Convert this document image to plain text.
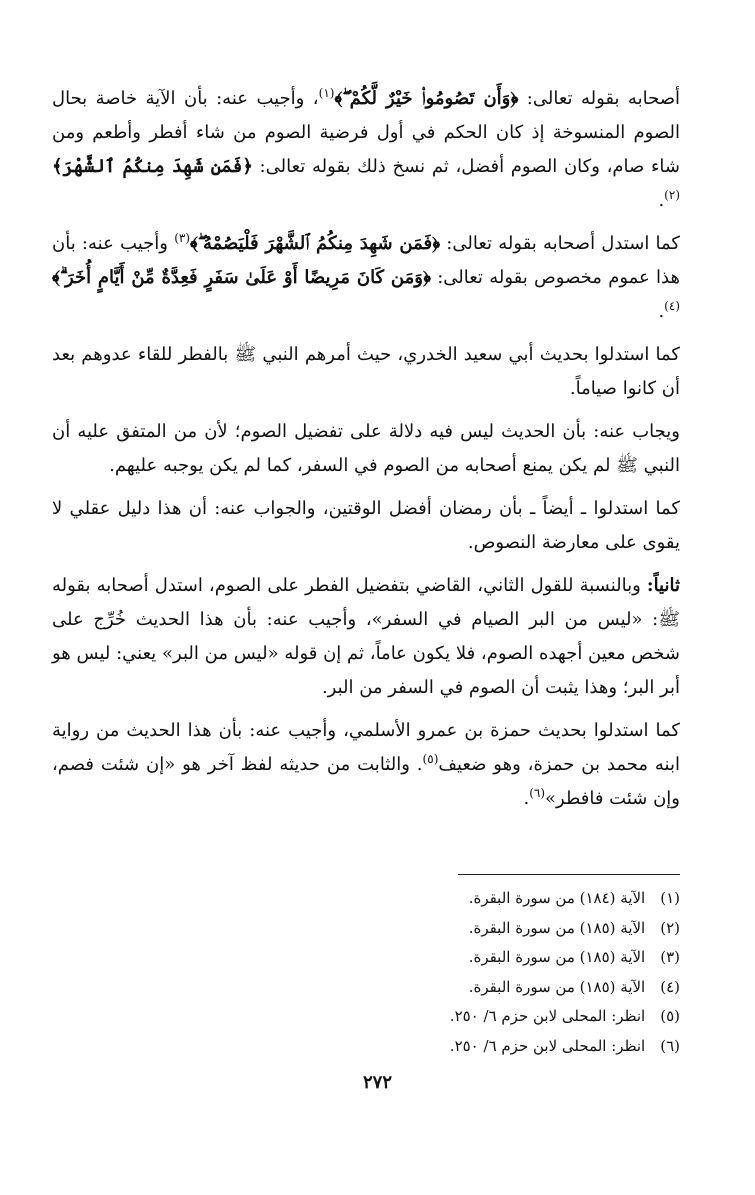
أصحابه بقوله تعالى: ﴿وَأَن تَصُومُوا۟ خَيْرٌ لَّكُمْ ۖ﴾$^{(١)}$، وأجيب عنه: بأن الآية خاصة بحال الصوم المنسوخة إذ كان الحكم في أول فرضية الصوم من شاء أفطر وأطعم ومن شاء صام، وكان الصوم أفضل، ثم نسخ ذلك بقوله تعالى: ﴿فَمَن شَهِدَ مِنكُمُ ٱلشَّهْرَ﴾$^{(٢)}$.

كما استدل أصحابه بقوله تعالى: ﴿فَمَن شَهِدَ مِنكُمُ ٱلشَّهْرَ فَلْيَصُمْهُ ۖ﴾$^{(٣)}$ وأجيب عنه: بأن هذا عموم مخصوص بقوله تعالى: ﴿وَمَن كَانَ مَرِيضًا أَوْ عَلَىٰ سَفَرٍ فَعِدَّةٌ مِّنْ أَيَّامٍ أُخَرَ ۗ﴾$^{(٤)}$.

كما استدلوا بحديث أبي سعيد الخدري، حيث أمرهم النبي ﷺ بالفطر للقاء عدوهم بعد أن كانوا صياماً.

ويجاب عنه: بأن الحديث ليس فيه دلالة على تفضيل الصوم؛ لأن من المتفق عليه أن النبي ﷺ لم يكن يمنع أصحابه من الصوم في السفر، كما لم يكن يوجبه عليهم.

كما استدلوا ـ أيضاً ـ بأن رمضان أفضل الوقتين، والجواب عنه: أن هذا دليل عقلي لا يقوى على معارضة النصوص.

ثانياً: وبالنسبة للقول الثاني، القاضي بتفضيل الفطر على الصوم، استدل أصحابه بقوله ﷺ: «ليس من البر الصيام في السفر»، وأجيب عنه: بأن هذا الحديث خُرِّج على شخص معين أجهده الصوم، فلا يكون عاماً، ثم إن قوله «ليس من البر» يعني: ليس هو أبر البر؛ وهذا يثبت أن الصوم في السفر من البر.

كما استدلوا بحديث حمزة بن عمرو الأسلمي، وأجيب عنه: بأن هذا الحديث من رواية ابنه محمد بن حمزة، وهو ضعيف$^{(٥)}$. والثابت من حديثه لفظ آخر هو «إن شئت فصم، وإن شئت فافطر»$^{(٦)}$.

(١) الآية (١٨٤) من سورة البقرة.
(٢) الآية (١٨٥) من سورة البقرة.
(٣) الآية (١٨٥) من سورة البقرة.
(٤) الآية (١٨٥) من سورة البقرة.
(٥) انظر: المحلى لابن حزم ٦/ ٢٥٠.
(٦) انظر: المحلى لابن حزم ٦/ ٢٥٠.
٢٧٢
